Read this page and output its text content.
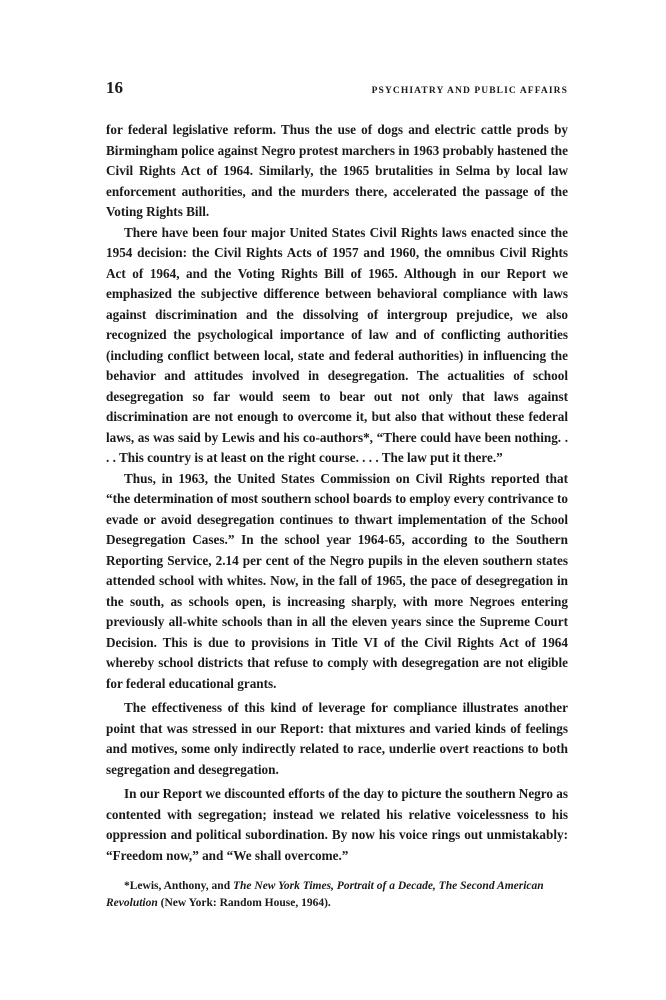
16	PSYCHIATRY AND PUBLIC AFFAIRS

for federal legislative reform. Thus the use of dogs and electric cattle prods by Birmingham police against Negro protest marchers in 1963 probably hastened the Civil Rights Act of 1964. Similarly, the 1965 brutalities in Selma by local law enforcement authorities, and the murders there, accelerated the passage of the Voting Rights Bill.

There have been four major United States Civil Rights laws enacted since the 1954 decision: the Civil Rights Acts of 1957 and 1960, the omnibus Civil Rights Act of 1964, and the Voting Rights Bill of 1965. Although in our Report we emphasized the subjective difference between behavioral compliance with laws against discrimination and the dissolving of intergroup prejudice, we also recognized the psychological importance of law and of conflicting authorities (including conflict between local, state and federal authorities) in influencing the behavior and attitudes involved in desegregation. The actualities of school desegregation so far would seem to bear out not only that laws against discrimination are not enough to overcome it, but also that without these federal laws, as was said by Lewis and his co-authors*, “There could have been nothing. . . . This country is at least on the right course. . . . The law put it there.”

Thus, in 1963, the United States Commission on Civil Rights reported that “the determination of most southern school boards to employ every contrivance to evade or avoid desegregation continues to thwart implementation of the School Desegregation Cases.” In the school year 1964-65, according to the Southern Reporting Service, 2.14 per cent of the Negro pupils in the eleven southern states attended school with whites. Now, in the fall of 1965, the pace of desegregation in the south, as schools open, is increasing sharply, with more Negroes entering previously all-white schools than in all the eleven years since the Supreme Court Decision. This is due to provisions in Title VI of the Civil Rights Act of 1964 whereby school districts that refuse to comply with desegregation are not eligible for federal educational grants.

The effectiveness of this kind of leverage for compliance illustrates another point that was stressed in our Report: that mixtures and varied kinds of feelings and motives, some only indirectly related to race, underlie overt reactions to both segregation and desegregation.

In our Report we discounted efforts of the day to picture the southern Negro as contented with segregation; instead we related his relative voicelessness to his oppression and political subordination. By now his voice rings out unmistakably: “Freedom now,” and “We shall overcome.”

*Lewis, Anthony, and The New York Times, Portrait of a Decade, The Second American Revolution (New York: Random House, 1964).
